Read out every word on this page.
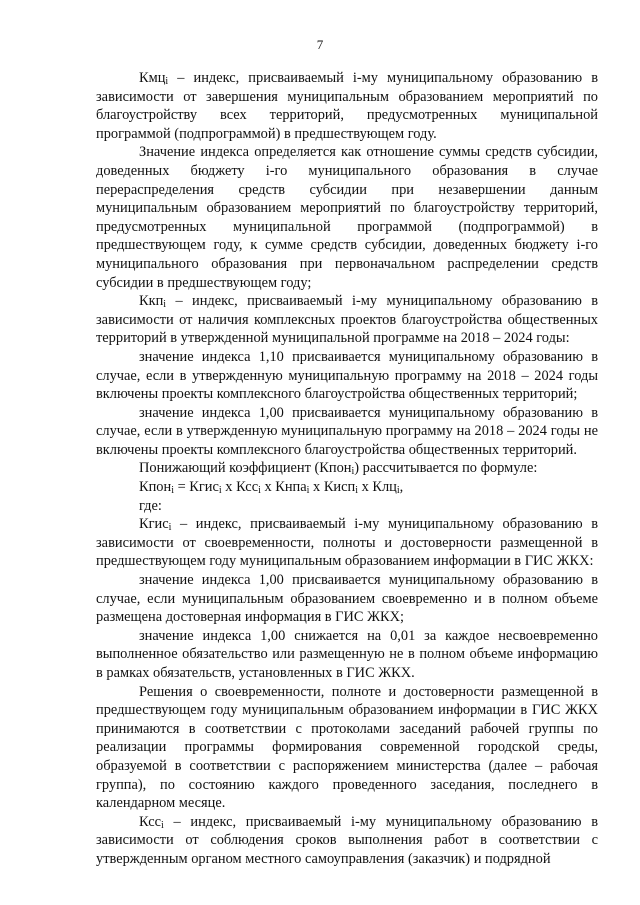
7

Кмц$_i$ – индекс, присваиваемый i-му муниципальному образованию в зависимости от завершения муниципальным образованием мероприятий по благоустройству всех территорий, предусмотренных муниципальной программой (подпрограммой) в предшествующем году.

Значение индекса определяется как отношение суммы средств субсидии, доведенных бюджету i-го муниципального образования в случае перераспределения средств субсидии при незавершении данным муниципальным образованием мероприятий по благоустройству территорий, предусмотренных муниципальной программой (подпрограммой) в предшествующем году, к сумме средств субсидии, доведенных бюджету i-го муниципального образования при первоначальном распределении средств субсидии в предшествующем году;

Ккп$_i$ – индекс, присваиваемый i-му муниципальному образованию в зависимости от наличия комплексных проектов благоустройства общественных территорий в утвержденной муниципальной программе на 2018 – 2024 годы:

значение индекса 1,10 присваивается муниципальному образованию в случае, если в утвержденную муниципальную программу на 2018 – 2024 годы включены проекты комплексного благоустройства общественных территорий;

значение индекса 1,00 присваивается муниципальному образованию в случае, если в утвержденную муниципальную программу на 2018 – 2024 годы не включены проекты комплексного благоустройства общественных территорий.

Понижающий коэффициент (Кпон$_i$) рассчитывается по формуле:

Кпон$_i$ = Кгис$_i$ х Ксс$_i$ х Кнпа$_i$ х Кисп$_i$ х Клц$_i$,

где:

Кгис$_i$ – индекс, присваиваемый i-му муниципальному образованию в зависимости от своевременности, полноты и достоверности размещенной в предшествующем году муниципальным образованием информации в ГИС ЖКХ:

значение индекса 1,00 присваивается муниципальному образованию в случае, если муниципальным образованием своевременно и в полном объеме размещена достоверная информация в ГИС ЖКХ;

значение индекса 1,00 снижается на 0,01 за каждое несвоевременно выполненное обязательство или размещенную не в полном объеме информацию в рамках обязательств, установленных в ГИС ЖКХ.

Решения о своевременности, полноте и достоверности размещенной в предшествующем году муниципальным образованием информации в ГИС ЖКХ принимаются в соответствии с протоколами заседаний рабочей группы по реализации программы формирования современной городской среды, образуемой в соответствии с распоряжением министерства (далее – рабочая группа), по состоянию каждого проведенного заседания, последнего в календарном месяце.

Ксс$_i$ – индекс, присваиваемый i-му муниципальному образованию в зависимости от соблюдения сроков выполнения работ в соответствии с утвержденным органом местного самоуправления (заказчик) и подрядной
